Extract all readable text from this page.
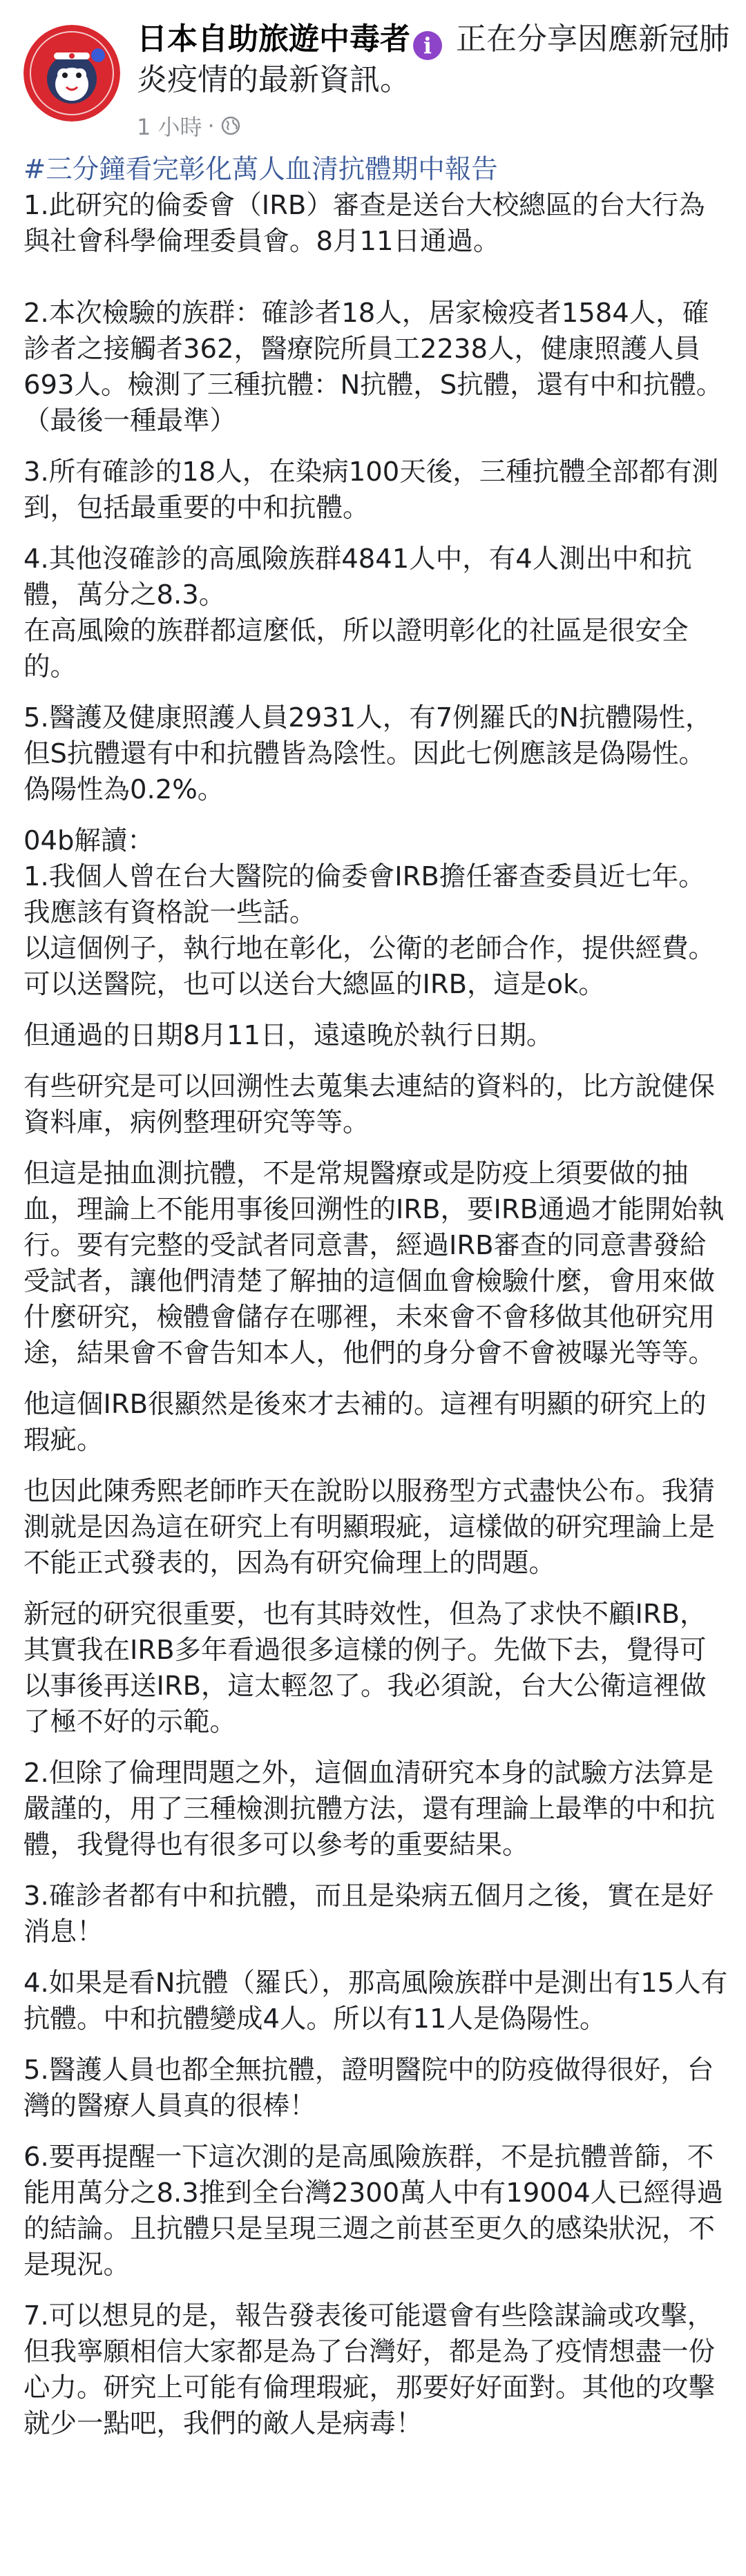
日本自助旅遊中毒者 i 正在分享因應新冠肺炎疫情的最新資訊。
1 小時 ·

#三分鐘看完彰化萬人血清抗體期中報告

1.此研究的倫委會（IRB）審查是送台大校總區的台大行為與社會科學倫理委員會。8月11日通過。

2.本次檢驗的族群：確診者18人，居家檢疫者1584人，確診者之接觸者362，醫療院所員工2238人，健康照護人員693人。檢測了三種抗體：N抗體，S抗體，還有中和抗體。（最後一種最準）

3.所有確診的18人，在染病100天後，三種抗體全部都有測到，包括最重要的中和抗體。

4.其他沒確診的高風險族群4841人中，有4人測出中和抗體，萬分之8.3。

在高風險的族群都這麼低，所以證明彰化的社區是很安全的。

5.醫護及健康照護人員2931人，有7例羅氏的N抗體陽性，但S抗體還有中和抗體皆為陰性。因此七例應該是偽陽性。偽陽性為0.2%。

04b解讀：

1.我個人曾在台大醫院的倫委會IRB擔任審查委員近七年。我應該有資格說一些話。

以這個例子，執行地在彰化，公衛的老師合作，提供經費。可以送醫院，也可以送台大總區的IRB，這是ok。

但通過的日期8月11日，遠遠晚於執行日期。

有些研究是可以回溯性去蒐集去連結的資料的，比方說健保資料庫，病例整理研究等等。

但這是抽血測抗體，不是常規醫療或是防疫上須要做的抽血，理論上不能用事後回溯性的IRB，要IRB通過才能開始執行。要有完整的受試者同意書，經過IRB審查的同意書發給受試者，讓他們清楚了解抽的這個血會檢驗什麼，會用來做什麼研究，檢體會儲存在哪裡，未來會不會移做其他研究用途，結果會不會告知本人，他們的身分會不會被曝光等等。

他這個IRB很顯然是後來才去補的。這裡有明顯的研究上的瑕疵。

也因此陳秀熙老師昨天在說盼以服務型方式盡快公布。我猜測就是因為這在研究上有明顯瑕疵，這樣做的研究理論上是不能正式發表的，因為有研究倫理上的問題。

新冠的研究很重要，也有其時效性，但為了求快不顧IRB，其實我在IRB多年看過很多這樣的例子。先做下去，覺得可以事後再送IRB，這太輕忽了。我必須說，台大公衛這裡做了極不好的示範。

2.但除了倫理問題之外，這個血清研究本身的試驗方法算是嚴謹的，用了三種檢測抗體方法，還有理論上最準的中和抗體，我覺得也有很多可以參考的重要結果。

3.確診者都有中和抗體，而且是染病五個月之後，實在是好消息！

4.如果是看N抗體（羅氏），那高風險族群中是測出有15人有抗體。中和抗體變成4人。所以有11人是偽陽性。

5.醫護人員也都全無抗體，證明醫院中的防疫做得很好，台灣的醫療人員真的很棒！

6.要再提醒一下這次測的是高風險族群，不是抗體普篩，不能用萬分之8.3推到全台灣2300萬人中有19004人已經得過的結論。且抗體只是呈現三週之前甚至更久的感染狀況，不是現況。

7.可以想見的是，報告發表後可能還會有些陰謀論或攻擊，但我寧願相信大家都是為了台灣好，都是為了疫情想盡一份心力。研究上可能有倫理瑕疵，那要好好面對。其他的攻擊就少一點吧，我們的敵人是病毒！
